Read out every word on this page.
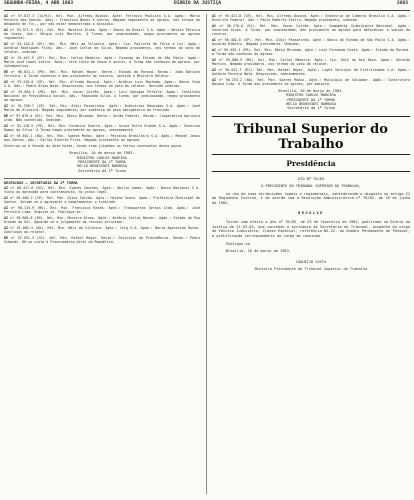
SEGUNDA-FEIRA, 4 ABR 1983	DIÁRIO DA JUSTIÇA	3863

AI nº 97.017-3 (14/RJ). Rel. Min. Alfredo Buzaid. Agte: Ferrovia Paulista S.A. Agdo.: Mário Pereira dos Santos. Advs.: Francisco Nunes e outros. Negado seguimento ao agravo, nos termos do despacho de fls., por não estar demonstrado o dissídio.

AI nº 93.571-5 (RJ). Rel. Min. Moreira Alves. Agte.: Banco do Brasil S.A. Agdo.: Nelson Pereira da Costa. Adv.: Sérgio Luiz Martins. A Turma, por unanimidade, negou provimento ao agravo regimental.

AI nº 94.120-8 (SP). Rel. Min. Néri da Silveira. Agte.: Cia. Paulista de Força e Luz. Agdo.: Antônio Rodrigues Filho. Adv.: José Carlos da Silva. Negado provimento, nos termos do voto do relator, unânime.

AI nº 91.447-9 (SP). Rel. Min. Carlos Madeira. Agte.: Fazenda do Estado de São Paulo. Agdo.: Maria José Lopes Vieira. Advs.: Vera Lúcia de Souza e outros. A Turma não conheceu do agravo, por intempestivo.

RE nº 98.031-1 (PR). Rel. Min. Rafael Mayer. Recte.: Estado do Paraná. Recdo.: João Batista Ferreira. A Turma conheceu e deu provimento ao recurso, vencido o Ministro Relator.

AI nº 93.210-0 (SP). Rel. Min. Alfredo Buzaid. Agte.: Antônio Luiz Machado. Agdo.: Banco Itaú S.A. Adv.: Pedro Alves Neto. Desprovido, nos termos do voto do relator. Decisão unânime.

AI nº 95.664-2 (MG). Rel. Min. Oscar Corrêa. Agte.: Luiz Gonzaga Pereira. Agdo.: Instituto Nacional de Previdência Social. Adv.: Raimundo Silva. A Turma, por unanimidade, negou provimento ao agravo.

AI nº 91.338-7 (SP). Rel. Min. Aldir Passarinho. Agte.: Indústrias Reunidas S.A. Agdo.: José Maria de Oliveira. Negado seguimento, por ausência de peça obrigatória ao traslado.

RE nº 97.876-4 (RS). Rel. Min. Décio Miranda. Recte.: União Federal. Recdo.: Cooperativa Agrícola Ltda. Não conhecido. Unânime.

AI nº 92.118-5 (PE). Rel. Min. Cordeiro Guerra. Agte.: Usina Serra Grande S.A. Agdo.: Severino Ramos da Silva. A Turma negou provimento ao agravo, unanimemente.

AI nº 94.502-1 (BA). Rel. Min. Soares Muñoz. Agte.: Petróleo Brasileiro S.A. Agdo.: Manoel Jesus dos Santos. Adv.: Carlos Alberto Pires. Negado provimento ao agravo.

Encerrou-se a Sessão às doze horas, tendo sido julgados os feitos constantes desta pauta.

Brasília, 10 de março de 1983.
MINISTRO CARLOS MADEIRA
PRESIDENTE DA 1ª TURMA
HÉLIO BENEVIDES BARBOSA
Secretário da 1ª Turma
DESPACHOS — SECRETARIA DA 2ª TURMA

AI nº 88.417-0 (RJ). Rel. Min. Sydney Sanches. Agte.: Abílio Gomes. Agdo.: Banco Nacional S.A. Vista ao agravado para contraminuta, no prazo legal.

AI nº 89.360-2 (SP). Rel. Min. Djaci Falcão. Agte.: Helena Souza. Agdo.: Prefeitura Municipal de Santos. Intime-se o agravante a complementar o traslado.

AI nº 90.115-9 (MG). Rel. Min. Francisco Rezek. Agte.: Transportes Gerais Ltda. Agdo.: José Ferreira Lima. Arquive-se. Publique-se.

AI nº 90.884-6 (RS). Rel. Min. Moreira Alves. Agte.: Antônio Carlos Becker. Agdo.: Estado do Rio Grande do Sul. Aguarde-se o julgamento do recurso principal.

AI nº 91.002-4 (GO). Rel. Min. Néri da Silveira. Agte.: Celg S.A. Agdo.: Maria Aparecida Rocha. Conclusos ao relator.

RE nº 97.551-3 (SC). Rel. Min. Rafael Mayer. Recte.: Instituto de Previdência. Recdo.: Pedro Schmidt. Dê-se vista à Procuradoria-Geral da República.

AC nº 95.421-8 (DF). Rel. Min. Alfredo Buzaid. Agte.: Indústria de Cimento Brasília S.A. Agdo.: Distrito Federal. Adv.: Paulo Roberto Vieira. Negado provimento, unânime.

AC nº 96.170-6 (RJ). Rel. Min. Oscar Corrêa. Agte.: Companhia Siderúrgica Nacional. Agdo.: Severino Alves. A Turma, por unanimidade, deu provimento ao agravo para determinar a subida do recurso.

AC nº 96.402-0 (SP). Rel. Min. Aldir Passarinho. Agte.: Banco do Estado de São Paulo S.A. Agdo.: Osvaldo Ribeiro. Negado provimento. Unânime.

AC nº 96.455-1 (PR). Rel. Min. Décio Miranda. Agte.: Luiz Fernando Costa. Agdo.: Estado do Paraná. A Turma não conheceu do agravo.

AI nº 95.880-5 (MG). Rel. Min. Carlos Madeira. Agte.: Cia. Vale do Rio Doce. Agdo.: Geraldo Martins. Negado provimento, nos termos do voto do relator.

AI nº 96.012-7 (RJ). Rel. Min. Rafael Mayer. Agte.: Light Serviços de Eletricidade S.A. Agdo.: Antônio Pereira Neto. Desprovido, unanimemente.

AI nº 96.233-2 (BA). Rel. Min. Soares Muñoz. Agte.: Município de Salvador. Agdo.: Construtora Baiana Ltda. A Turma deu provimento ao agravo, por maioria.

Brasília, 10 de março de 1983.
MINISTRO CARLOS MADEIRA
PRESIDENTE DA 1ª TURMA
HÉLIO BENEVIDES BARBOSA
Secretário da 1ª Turma
Tribunal Superior do Trabalho
Presidência
ATO Nº 78/83
O PRESIDENTE DO TRIBUNAL SUPERIOR DO TRABALHO,
no uso de suas atribuições legais e regimentais, considerando o disposto no artigo 21 do Regimento Interno, e de acordo com a Resolução Administrativa nº 78/82, de 10 de junho de 1982,
RESOLVE
Tornar sem efeito o Ato nº 70/83, de 25 de fevereiro de 1983, publicado no Diário da Justiça de 21.03.83, que concedeu a servidora da Secretaria do Tribunal, ocupante do cargo de Técnico Judiciário, Classe Especial, referência NS-22, do Quadro Permanente de Pessoal, a gratificação correspondente ao cargo em comissão.
Publique-se.
Brasília, 18 de março de 1983.
COQUEIJO COSTA
Ministro Presidente do Tribunal Superior do Trabalho
